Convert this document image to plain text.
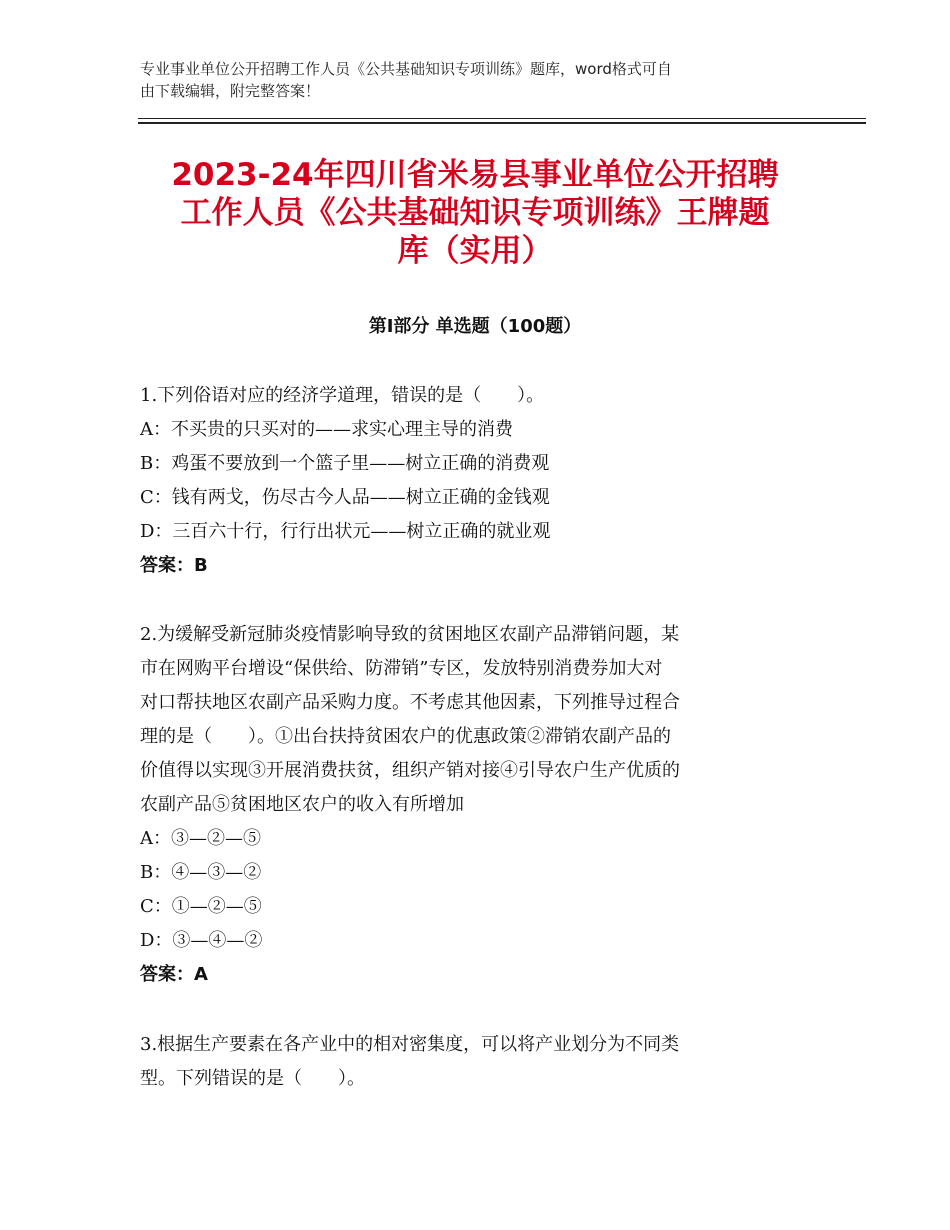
专业事业单位公开招聘工作人员《公共基础知识专项训练》题库，word格式可自
由下载编辑，附完整答案！
2023-24年四川省米易县事业单位公开招聘
工作人员《公共基础知识专项训练》王牌题
库（实用）
第Ⅰ部分 单选题（100题）

1.下列俗语对应的经济学道理，错误的是（　　）。

A：不买贵的只买对的——求实心理主导的消费

B：鸡蛋不要放到一个篮子里——树立正确的消费观

C：钱有两戈，伤尽古今人品——树立正确的金钱观

D：三百六十行，行行出状元——树立正确的就业观

答案：B

2.为缓解受新冠肺炎疫情影响导致的贫困地区农副产品滞销问题，某

市在网购平台增设“保供给、防滞销”专区，发放特别消费券加大对

对口帮扶地区农副产品采购力度。不考虑其他因素，下列推导过程合

理的是（　　）。①出台扶持贫困农户的优惠政策②滞销农副产品的

价值得以实现③开展消费扶贫，组织产销对接④引导农户生产优质的

农副产品⑤贫困地区农户的收入有所增加

A：③—②—⑤

B：④—③—②

C：①—②—⑤

D：③—④—②

答案：A

3.根据生产要素在各产业中的相对密集度，可以将产业划分为不同类

型。下列错误的是（　　）。
